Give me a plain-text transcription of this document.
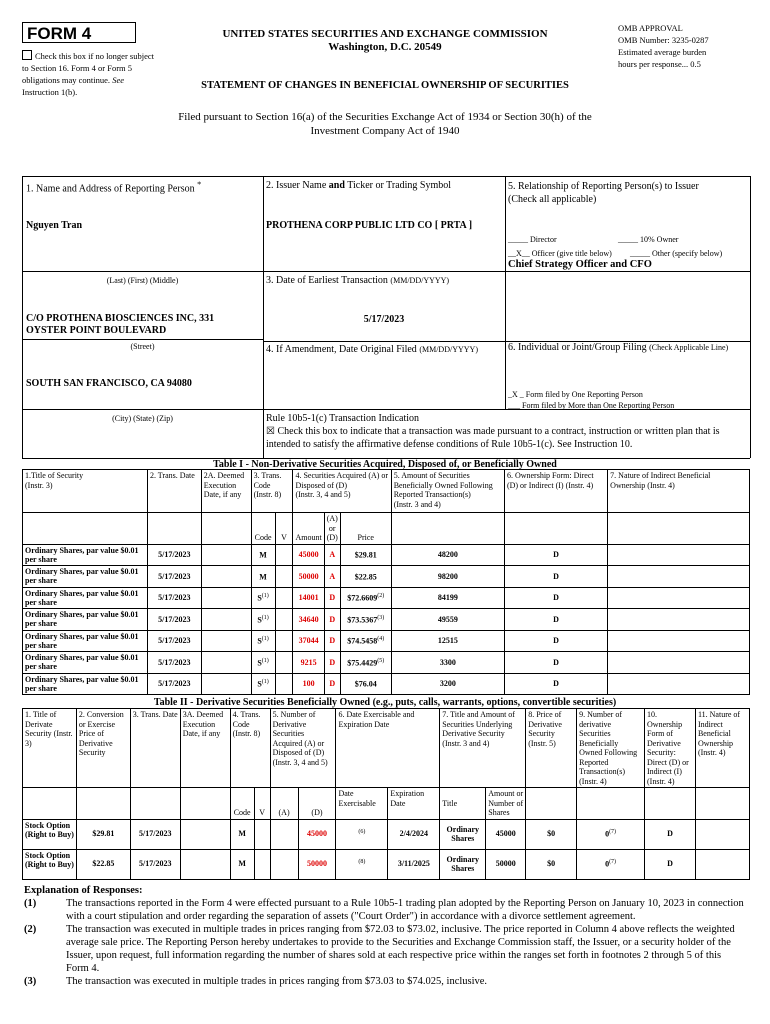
FORM 4
Check this box if no longer subject to Section 16. Form 4 or Form 5 obligations may continue. See Instruction 1(b).
UNITED STATES SECURITIES AND EXCHANGE COMMISSION
Washington, D.C. 20549
OMB APPROVAL
OMB Number: 3235-0287
Estimated average burden
hours per response... 0.5
STATEMENT OF CHANGES IN BENEFICIAL OWNERSHIP OF SECURITIES
Filed pursuant to Section 16(a) of the Securities Exchange Act of 1934 or Section 30(h) of the
Investment Company Act of 1940
1. Name and Address of Reporting Person *
Nguyen Tran
(Last) (First) (Middle)
C/O PROTHENA BIOSCIENCES INC, 331
OYSTER POINT BOULEVARD
(Street)
SOUTH SAN FRANCISCO, CA 94080
(City) (State) (Zip)
2. Issuer Name and Ticker or Trading Symbol
PROTHENA CORP PUBLIC LTD CO [ PRTA ]
3. Date of Earliest Transaction (MM/DD/YYYY)
5/17/2023
4. If Amendment, Date Original Filed (MM/DD/YYYY)
5. Relationship of Reporting Person(s) to Issuer
(Check all applicable)
_____ Director	_____ 10% Owner
__X__ Officer (give title below) _____ Other (specify below)
Chief Strategy Officer and CFO
6. Individual or Joint/Group Filing (Check Applicable Line)
_X _ Form filed by One Reporting Person
___ Form filed by More than One Reporting Person
Rule 10b5-1(c) Transaction Indication
☒ Check this box to indicate that a transaction was made pursuant to a contract, instruction or written plan that is intended to satisfy the affirmative defense conditions of Rule 10b5-1(c). See Instruction 10.
Table I - Non-Derivative Securities Acquired, Disposed of, or Beneficially Owned
1.Title of Security
(Instr. 3)	2. Trans. Date	2A. Deemed Execution Date, if any	3. Trans. Code
(Instr. 8)		4. Securities Acquired (A) or Disposed of (D)
(Instr. 3, 4 and 5)			5. Amount of Securities Beneficially Owned Following Reported Transaction(s)
(Instr. 3 and 4)	6. Ownership Form: Direct (D) or Indirect (I) (Instr. 4)	7. Nature of Indirect Beneficial Ownership (Instr. 4)
			Code	V	Amount	(A) or (D)	Price			
Ordinary Shares, par value $0.01 per share	5/17/2023		M		45000	A	$29.81	48200	D	
Ordinary Shares, par value $0.01 per share	5/17/2023		M		50000	A	$22.85	98200	D	
Ordinary Shares, par value $0.01 per share	5/17/2023		$S^{(1)}$		14001	D	$72.6609$^{(2)}$	84199	D	
Ordinary Shares, par value $0.01 per share	5/17/2023		$S^{(1)}$		34640	D	$73.5367$^{(3)}$	49559	D	
Ordinary Shares, par value $0.01 per share	5/17/2023		$S^{(1)}$		37044	D	$74.5458$^{(4)}$	12515	D	
Ordinary Shares, par value $0.01 per share	5/17/2023		$S^{(1)}$		9215	D	$75.4429$^{(5)}$	3300	D	
Ordinary Shares, par value $0.01 per share	5/17/2023		$S^{(1)}$		100	D	$76.04	3200	D	
Table II - Derivative Securities Beneficially Owned (e.g., puts, calls, warrants, options, convertible securities)
1. Title of Derivate Security (Instr. 3)	2. Conversion or Exercise Price of Derivative Security	3. Trans. Date	3A. Deemed Execution Date, if any	4. Trans. Code (Instr. 8)		5. Number of Derivative Securities Acquired (A) or Disposed of (D) (Instr. 3, 4 and 5)		6. Date Exercisable and Expiration Date		7. Title and Amount of Securities Underlying Derivative Security (Instr. 3 and 4)		8. Price of Derivative Security (Instr. 5)	9. Number of derivative Securities Beneficially Owned Following Reported Transaction(s) (Instr. 4)	10. Ownership Form of Derivative Security: Direct (D) or Indirect (I) (Instr. 4)	11. Nature of Indirect Beneficial Ownership (Instr. 4)
				Code	V	(A)	(D)	Date Exercisable	Expiration Date	Title	Amount or Number of Shares				
Stock Option (Right to Buy)	$29.81	5/17/2023		M			45000	$^{(6)}$	2/4/2024	Ordinary Shares	45000	$0	0$^{(7)}$	D	
Stock Option (Right to Buy)	$22.85	5/17/2023		M			50000	$^{(8)}$	3/11/2025	Ordinary Shares	50000	$0	0$^{(7)}$	D	
Explanation of Responses:
(1)	The transactions reported in the Form 4 were effected pursuant to a Rule 10b5-1 trading plan adopted by the Reporting Person on January 10, 2023 in connection with a court stipulation and order regarding the separation of assets ("Court Order") in accordance with a divorce settlement agreement.
(2)	The transaction was executed in multiple trades in prices ranging from $72.03 to $73.02, inclusive. The price reported in Column 4 above reflects the weighted average sale price. The Reporting Person hereby undertakes to provide to the Securities and Exchange Commission staff, the Issuer, or a security holder of the Issuer, upon request, full information regarding the number of shares sold at each respective price within the ranges set forth in footnotes 2 through 5 of this Form 4.
(3)	The transaction was executed in multiple trades in prices ranging from $73.03 to $74.025, inclusive.
